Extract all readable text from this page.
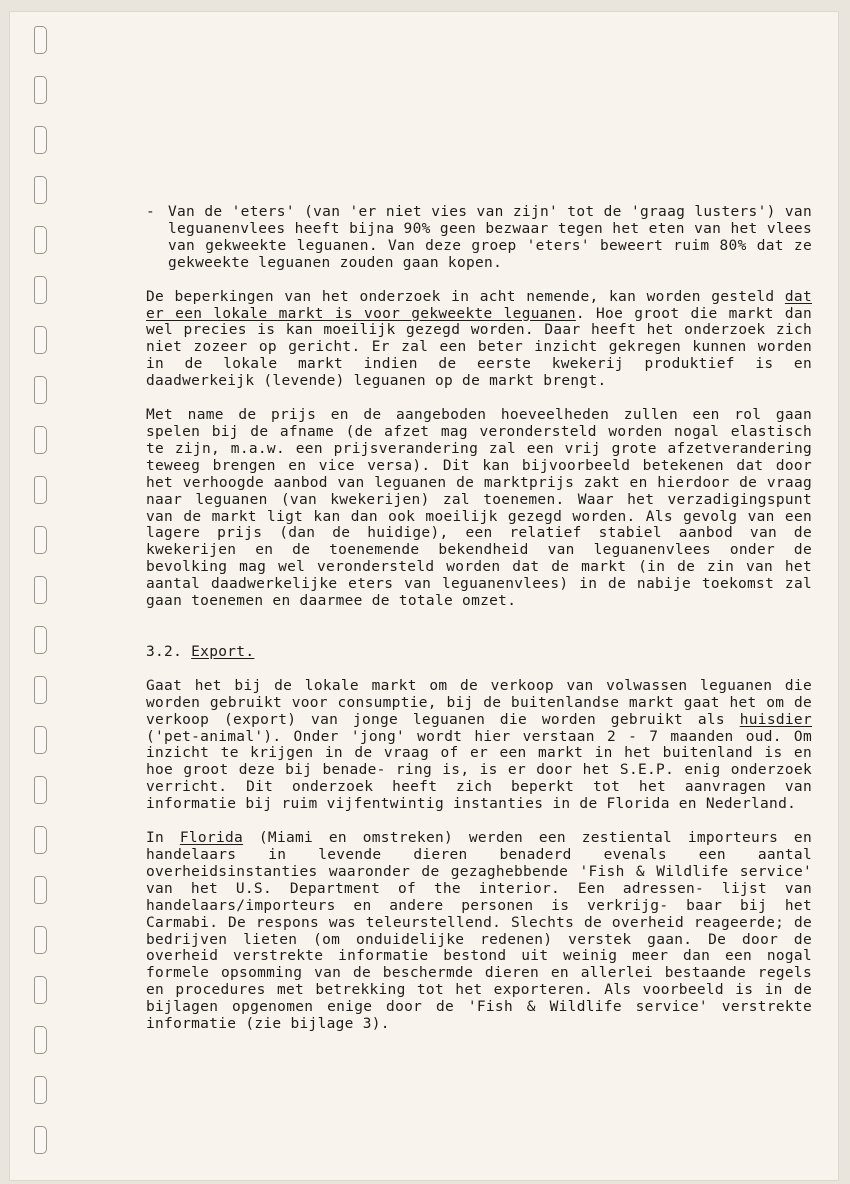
- Van de 'eters' (van 'er niet vies van zijn' tot de 'graag lusters') van leguanenvlees heeft bijna 90% geen bezwaar tegen het eten van het vlees van gekweekte leguanen. Van deze groep 'eters' beweert ruim 80% dat ze gekweekte leguanen zouden gaan kopen.

De beperkingen van het onderzoek in acht nemende, kan worden gesteld dat er een lokale markt is voor gekweekte leguanen. Hoe groot die markt dan wel precies is kan moeilijk gezegd worden. Daar heeft het onderzoek zich niet zozeer op gericht. Er zal een beter inzicht gekregen kunnen worden in de lokale markt indien de eerste kwekerij produktief is en daadwerkeijk (levende) leguanen op de markt brengt.

Met name de prijs en de aangeboden hoeveelheden zullen een rol gaan spelen bij de afname (de afzet mag verondersteld worden nogal elastisch te zijn, m.a.w. een prijsverandering zal een vrij grote afzetverandering teweeg brengen en vice versa). Dit kan bijvoorbeeld betekenen dat door het verhoogde aanbod van leguanen de marktprijs zakt en hierdoor de vraag naar leguanen (van kwekerijen) zal toenemen. Waar het verzadigingspunt van de markt ligt kan dan ook moeilijk gezegd worden. Als gevolg van een lagere prijs (dan de huidige), een relatief stabiel aanbod van de kwekerijen en de toenemende bekendheid van leguanenvlees onder de bevolking mag wel verondersteld worden dat de markt (in de zin van het aantal daadwerkelijke eters van leguanenvlees) in de nabije toekomst zal gaan toenemen en daarmee de totale omzet.

3.2. Export.

Gaat het bij de lokale markt om de verkoop van volwassen leguanen die worden gebruikt voor consumptie, bij de buitenlandse markt gaat het om de verkoop (export) van jonge leguanen die worden gebruikt als huisdier ('pet-animal'). Onder 'jong' wordt hier verstaan 2 - 7 maanden oud. Om inzicht te krijgen in de vraag of er een markt in het buitenland is en hoe groot deze bij benade- ring is, is er door het S.E.P. enig onderzoek verricht. Dit onderzoek heeft zich beperkt tot het aanvragen van informatie bij ruim vijfentwintig instanties in de Florida en Nederland.

In Florida (Miami en omstreken) werden een zestiental importeurs en handelaars in levende dieren benaderd evenals een aantal overheidsinstanties waaronder de gezaghebbende 'Fish & Wildlife service' van het U.S. Department of the interior. Een adressen- lijst van handelaars/importeurs en andere personen is verkrijg- baar bij het Carmabi. De respons was teleurstellend. Slechts de overheid reageerde; de bedrijven lieten (om onduidelijke redenen) verstek gaan. De door de overheid verstrekte informatie bestond uit weinig meer dan een nogal formele opsomming van de beschermde dieren en allerlei bestaande regels en procedures met betrekking tot het exporteren. Als voorbeeld is in de bijlagen opgenomen enige door de 'Fish & Wildlife service' verstrekte informatie (zie bijlage 3).
